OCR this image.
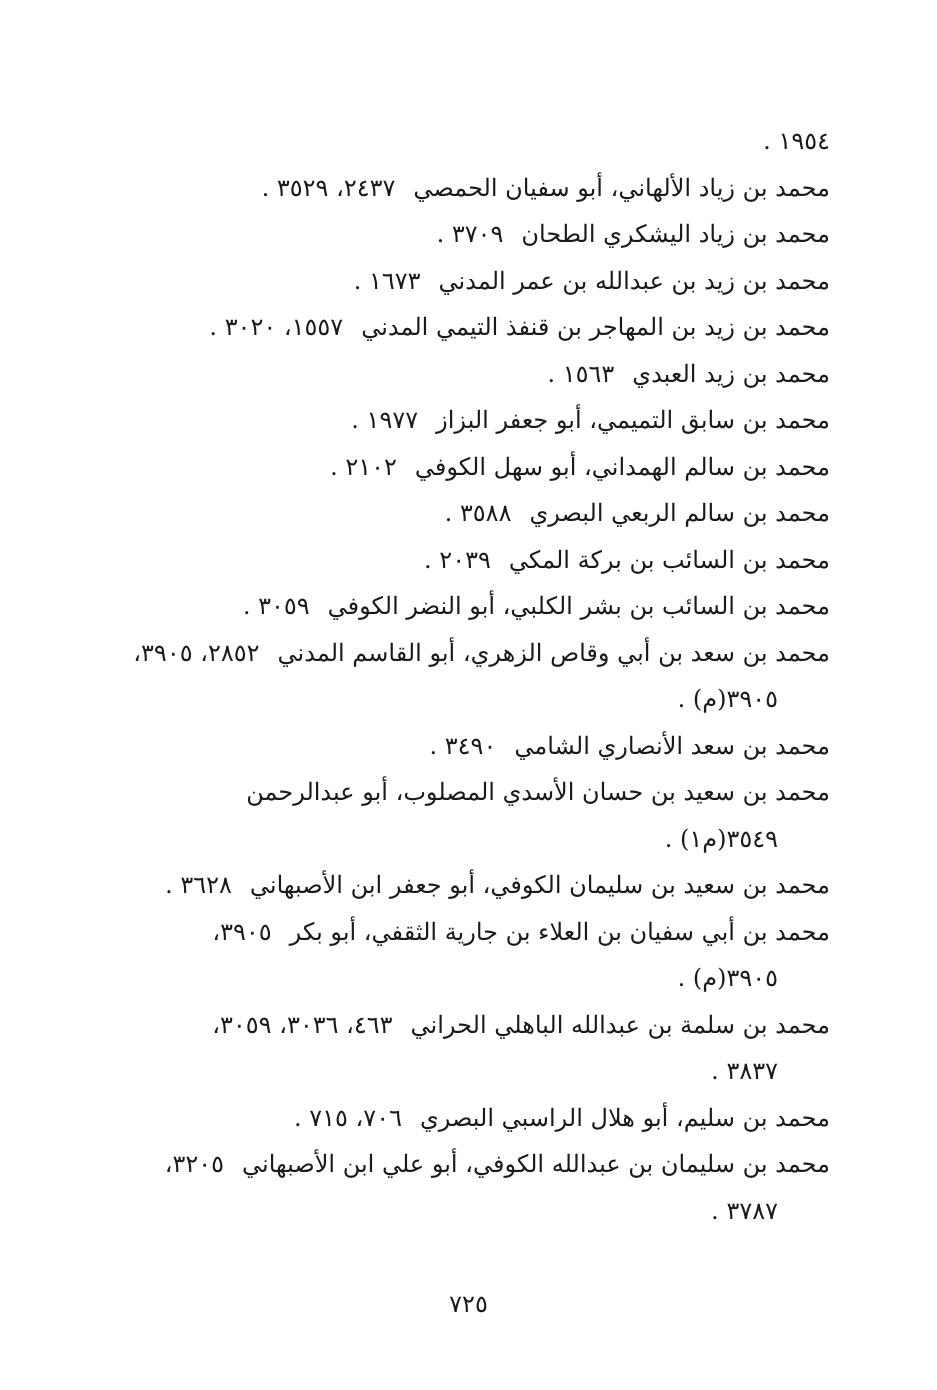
١٩٥٤ .

محمد بن زياد الألهاني، أبو سفيان الحمصي٢٤٣٧، ٣٥٢٩ .

محمد بن زياد اليشكري الطحان٣٧٠٩ .

محمد بن زيد بن عبدالله بن عمر المدني١٦٧٣ .

محمد بن زيد بن المهاجر بن قنفذ التيمي المدني١٥٥٧، ٣٠٢٠ .

محمد بن زيد العبدي١٥٦٣ .

محمد بن سابق التميمي، أبو جعفر البزاز١٩٧٧ .

محمد بن سالم الهمداني، أبو سهل الكوفي٢١٠٢ .

محمد بن سالم الربعي البصري٣٥٨٨ .

محمد بن السائب بن بركة المكي٢٠٣٩ .

محمد بن السائب بن بشر الكلبي، أبو النضر الكوفي٣٠٥٩ .

محمد بن سعد بن أبي وقاص الزهري، أبو القاسم المدني٢٨٥٢، ٣٩٠٥،
٣٩٠٥(م) .

محمد بن سعد الأنصاري الشامي٣٤٩٠ .

محمد بن سعيد بن حسان الأسدي المصلوب، أبو عبدالرحمن
٣٥٤٩(م١) .

محمد بن سعيد بن سليمان الكوفي، أبو جعفر ابن الأصبهاني٣٦٢٨ .

محمد بن أبي سفيان بن العلاء بن جارية الثقفي، أبو بكر٣٩٠٥،
٣٩٠٥(م) .

محمد بن سلمة بن عبدالله الباهلي الحراني٤٦٣، ٣٠٣٦، ٣٠٥٩،
٣٨٣٧ .

محمد بن سليم، أبو هلال الراسبي البصري٧٠٦، ٧١٥ .

محمد بن سليمان بن عبدالله الكوفي، أبو علي ابن الأصبهاني٣٢٠٥،
٣٧٨٧ .

٧٢٥
